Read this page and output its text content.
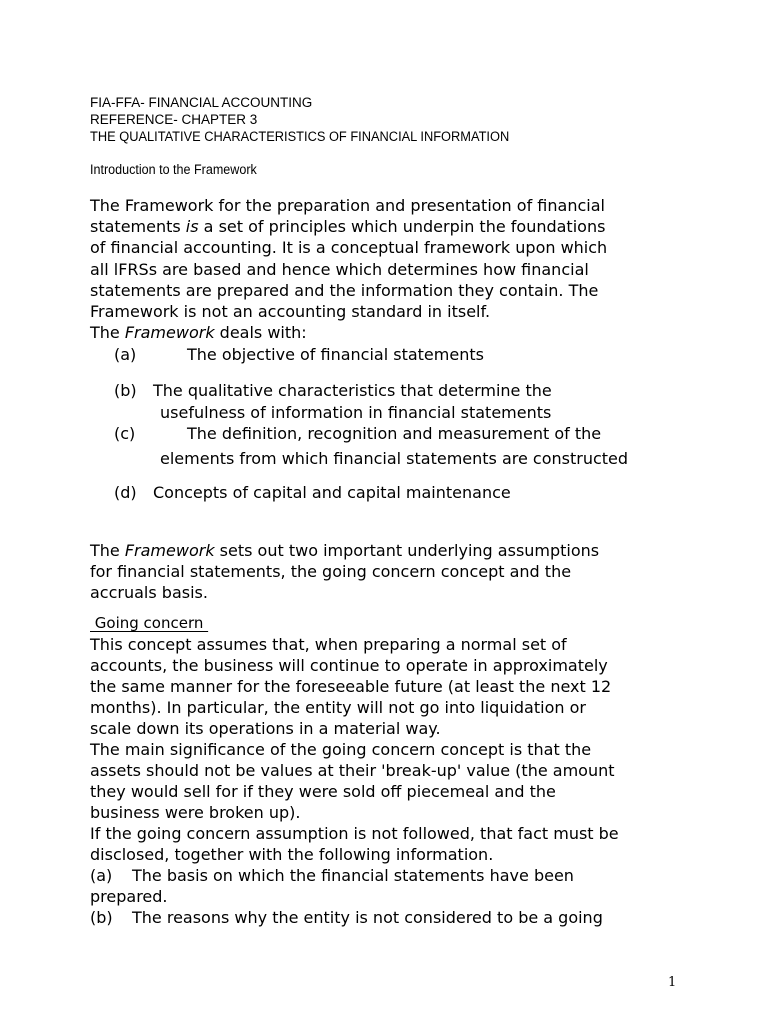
FIA-FFA- FINANCIAL ACCOUNTING
REFERENCE- CHAPTER 3
THE QUALITATIVE CHARACTERISTICS OF FINANCIAL INFORMATION
Introduction to the Framework
The Framework for the preparation and presentation of financial
statements is a set of principles which underpin the foundations
of financial accounting. It is a conceptual framework upon which
all lFRSs are based and hence which determines how financial
statements are prepared and the information they contain. The
Framework is not an accounting standard in itself.
The Framework deals with:
(a)	The objective of financial statements
(b) The qualitative characteristics that determine the
usefulness of information in financial statements
(c)	The definition, recognition and measurement of the
elements from which financial statements are constructed
(d) Concepts of capital and capital maintenance
The Framework sets out two important underlying assumptions
for financial statements, the going concern concept and the
accruals basis.
Going concern
This concept assumes that, when preparing a normal set of
accounts, the business will continue to operate in approximately
the same manner for the foreseeable future (at least the next 12
months). In particular, the entity will not go into liquidation or
scale down its operations in a material way.
The main significance of the going concern concept is that the
assets should not be values at their 'break-up' value (the amount
they would sell for if they were sold off piecemeal and the
business were broken up).
If the going concern assumption is not followed, that fact must be
disclosed, together with the following information.
(a) The basis on which the financial statements have been
prepared.
(b) The reasons why the entity is not considered to be a going
1
